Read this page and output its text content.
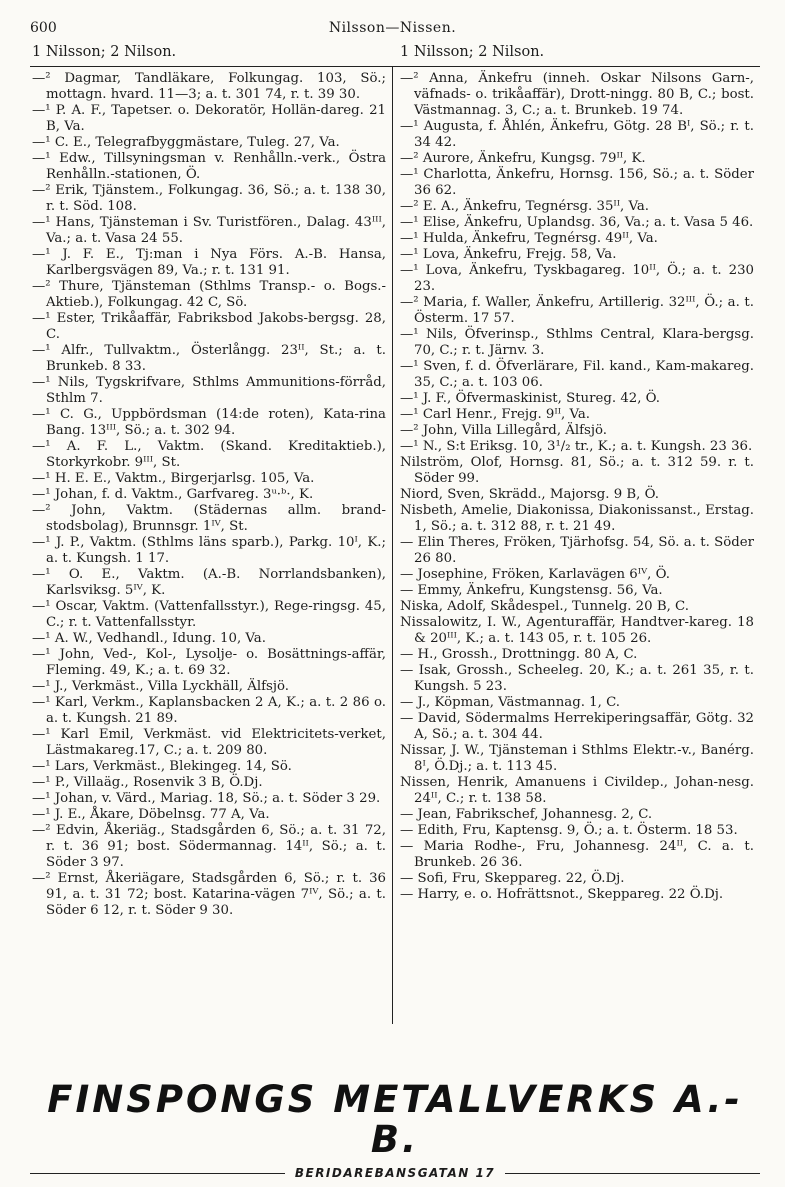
600	Nilsson—Nissen.
1 Nilsson; 2 Nilson.	1 Nilsson; 2 Nilson.
—² Dagmar, Tandläkare, Folkungag. 103, Sö.; mottagn. hvard. 11—3; a. t. 301 74, r. t. 39 30.
—¹ P. A. F., Tapetser. o. Dekoratör, Hollän-dareg. 21 B, Va.
—¹ C. E., Telegrafbyggmästare, Tuleg. 27, Va.
—¹ Edw., Tillsyningsman v. Renhålln.-verk., Östra Renhålln.-stationen, Ö.
—² Erik, Tjänstem., Folkungag. 36, Sö.; a. t. 138 30, r. t. Söd. 108.
—¹ Hans, Tjänsteman i Sv. Turistfören., Dalag. 43ᴵᴵᴵ, Va.; a. t. Vasa 24 55.
—¹ J. F. E., Tj:man i Nya Förs. A.-B. Hansa, Karlbergsvägen 89, Va.; r. t. 131 91.
—² Thure, Tjänsteman (Sthlms Transp.- o. Bogs.-Aktieb.), Folkungag. 42 C, Sö.
—¹ Ester, Trikåaffär, Fabriksbod Jakobs-bergsg. 28, C.
—¹ Alfr., Tullvaktm., Österlångg. 23ᴵᴵ, St.; a. t. Brunkeb. 8 33.
—¹ Nils, Tygskrifvare, Sthlms Ammunitions-förråd, Sthlm 7.
—¹ C. G., Uppbördsman (14:de roten), Kata-rina Bang. 13ᴵᴵᴵ, Sö.; a. t. 302 94.
—¹ A. F. L., Vaktm. (Skand. Kreditaktieb.), Storkyrkobr. 9ᴵᴵᴵ, St.
—¹ H. E. E., Vaktm., Birgerjarlsg. 105, Va.
—¹ Johan, f. d. Vaktm., Garfvareg. 3ᵘ·ᵇ·, K.
—² John, Vaktm. (Städernas allm. brand-stodsbolag), Brunnsgr. 1ᴵⱽ, St.
—¹ J. P., Vaktm. (Sthlms läns sparb.), Parkg. 10ᴵ, K.; a. t. Kungsh. 1 17.
—¹ O. E., Vaktm. (A.-B. Norrlandsbanken), Karlsviksg. 5ᴵⱽ, K.
—¹ Oscar, Vaktm. (Vattenfallsstyr.), Rege-ringsg. 45, C.; r. t. Vattenfallsstyr.
—¹ A. W., Vedhandl., Idung. 10, Va.
—¹ John, Ved-, Kol-, Lysolje- o. Bosättnings-affär, Fleming. 49, K.; a. t. 69 32.
—¹ J., Verkmäst., Villa Lyckhäll, Älfsjö.
—¹ Karl, Verkm., Kaplansbacken 2 A, K.; a. t. 2 86 o. a. t. Kungsh. 21 89.
—¹ Karl Emil, Verkmäst. vid Elektricitets-verket, Lästmakareg.17, C.; a. t. 209 80.
—¹ Lars, Verkmäst., Blekingeg. 14, Sö.
—¹ P., Villaäg., Rosenvik 3 B, Ö.Dj.
—¹ Johan, v. Värd., Mariag. 18, Sö.; a. t. Söder 3 29.
—¹ J. E., Åkare, Döbelnsg. 77 A, Va.
—² Edvin, Åkeriäg., Stadsgården 6, Sö.; a. t. 31 72, r. t. 36 91; bost. Södermannag. 14ᴵᴵ, Sö.; a. t. Söder 3 97.
—² Ernst, Åkeriägare, Stadsgården 6, Sö.; r. t. 36 91, a. t. 31 72; bost. Katarina-vägen 7ᴵⱽ, Sö.; a. t. Söder 6 12, r. t. Söder 9 30.
—² Anna, Änkefru (inneh. Oskar Nilsons Garn-, väfnads- o. trikåaffär), Drott-ningg. 80 B, C.; bost. Västmannag. 3, C.; a. t. Brunkeb. 19 74.
—¹ Augusta, f. Åhlén, Änkefru, Götg. 28 Bᴵ, Sö.; r. t. 34 42.
—² Aurore, Änkefru, Kungsg. 79ᴵᴵ, K.
—¹ Charlotta, Änkefru, Hornsg. 156, Sö.; a. t. Söder 36 62.
—² E. A., Änkefru, Tegnérsg. 35ᴵᴵ, Va.
—¹ Elise, Änkefru, Uplandsg. 36, Va.; a. t. Vasa 5 46.
—¹ Hulda, Änkefru, Tegnérsg. 49ᴵᴵ, Va.
—¹ Lova, Änkefru, Frejg. 58, Va.
—¹ Lova, Änkefru, Tyskbagareg. 10ᴵᴵ, Ö.; a. t. 230 23.
—² Maria, f. Waller, Änkefru, Artillerig. 32ᴵᴵᴵ, Ö.; a. t. Österm. 17 57.
—¹ Nils, Öfverinsp., Sthlms Central, Klara-bergsg. 70, C.; r. t. Järnv. 3.
—¹ Sven, f. d. Öfverlärare, Fil. kand., Kam-makareg. 35, C.; a. t. 103 06.
—¹ J. F., Öfvermaskinist, Stureg. 42, Ö.
—¹ Carl Henr., Frejg. 9ᴵᴵ, Va.
—² John, Villa Lillegård, Älfsjö.
—¹ N., S:t Eriksg. 10, 3¹/₂ tr., K.; a. t. Kungsh. 23 36.
Nilström, Olof, Hornsg. 81, Sö.; a. t. 312 59. r. t. Söder 99.
Niord, Sven, Skrädd., Majorsg. 9 B, Ö.
Nisbeth, Amelie, Diakonissa, Diakonissanst., Erstag. 1, Sö.; a. t. 312 88, r. t. 21 49.
— Elin Theres, Fröken, Tjärhofsg. 54, Sö. a. t. Söder 26 80.
— Josephine, Fröken, Karlavägen 6ᴵⱽ, Ö.
— Emmy, Änkefru, Kungstensg. 56, Va.
Niska, Adolf, Skådespel., Tunnelg. 20 B, C.
Nissalowitz, I. W., Agenturaffär, Handtver-kareg. 18 & 20ᴵᴵᴵ, K.; a. t. 143 05, r. t. 105 26.
— H., Grossh., Drottningg. 80 A, C.
— Isak, Grossh., Scheeleg. 20, K.; a. t. 261 35, r. t. Kungsh. 5 23.
— J., Köpman, Västmannag. 1, C.
— David, Södermalms Herrekiperingsaffär, Götg. 32 A, Sö.; a. t. 304 44.
Nissar, J. W., Tjänsteman i Sthlms Elektr.-v., Banérg. 8ᴵ, Ö.Dj.; a. t. 113 45.
Nissen, Henrik, Amanuens i Civildep., Johan-nesg. 24ᴵᴵ, C.; r. t. 138 58.
— Jean, Fabrikschef, Johannesg. 2, C.
— Edith, Fru, Kaptensg. 9, Ö.; a. t. Österm. 18 53.
— Maria Rodhe-, Fru, Johannesg. 24ᴵᴵ, C. a. t. Brunkeb. 26 36.
— Sofi, Fru, Skeppareg. 22, Ö.Dj.
— Harry, e. o. Hofrättsnot., Skeppareg. 22 Ö.Dj.
FINSPONGS METALLVERKS A.-B.
BERIDAREBANSGATAN 17
